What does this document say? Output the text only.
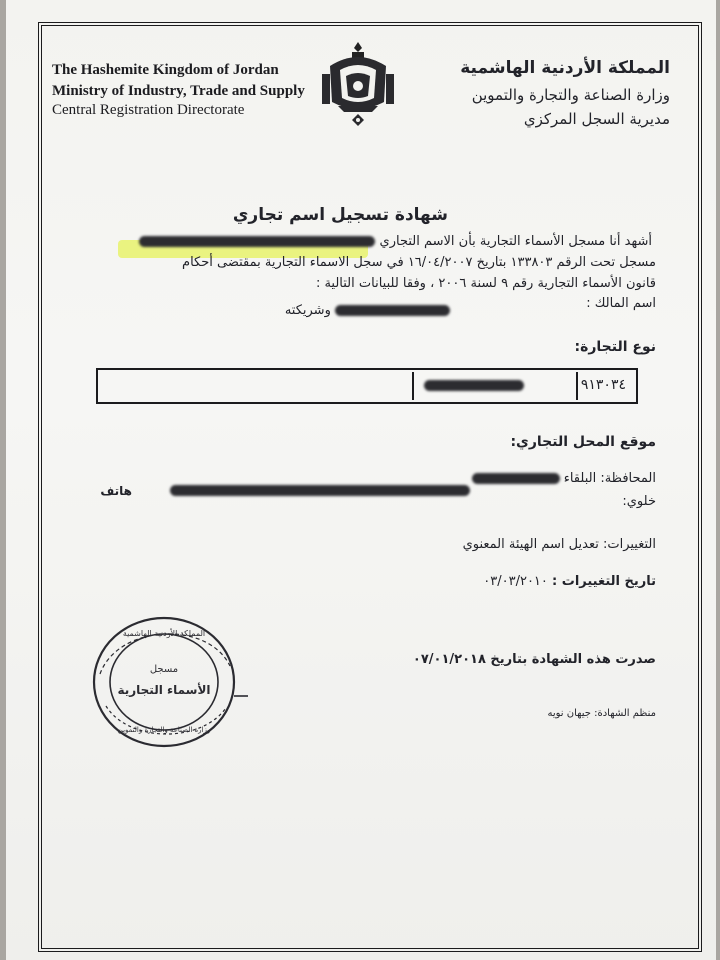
The Hashemite Kingdom of Jordan
Ministry of Industry, Trade and Supply
Central Registration Directorate
المملكة الأردنية الهاشمية
وزارة الصناعة والتجارة والتموين
مديرية السجل المركزي
شهادة تسجيل اسم تجاري
أشهد أنا مسجل الأسماء التجارية بأن الاسم التجاري
مسجل تحت الرقم ١٣٣٨٠٣ بتاريخ ١٦/٠٤/٢٠٠٧ في سجل الاسماء التجارية بمقتضى أحكام
قانون الأسماء التجارية رقم ٩ لسنة ٢٠٠٦ ، وفقا للبيانات التالية :
اسم المالك :
وشريكته
نوع التجارة:
٩١٣٠٣٤
موقع المحل التجاري:
المحافظة: البلقاء
خلوي:
هاتف
التغييرات: تعديل اسم الهيئة المعنوي
تاريخ التغييرات : ٠٣/٠٣/٢٠١٠
صدرت هذه الشهادة بتاريخ ٠٧/٠١/٢٠١٨
منظم الشهادة: جيهان نويه
مسجل
الأسماء التجارية
المملكة الأردنية الهاشمية
وزارة الصناعة والتجارة والتموين
